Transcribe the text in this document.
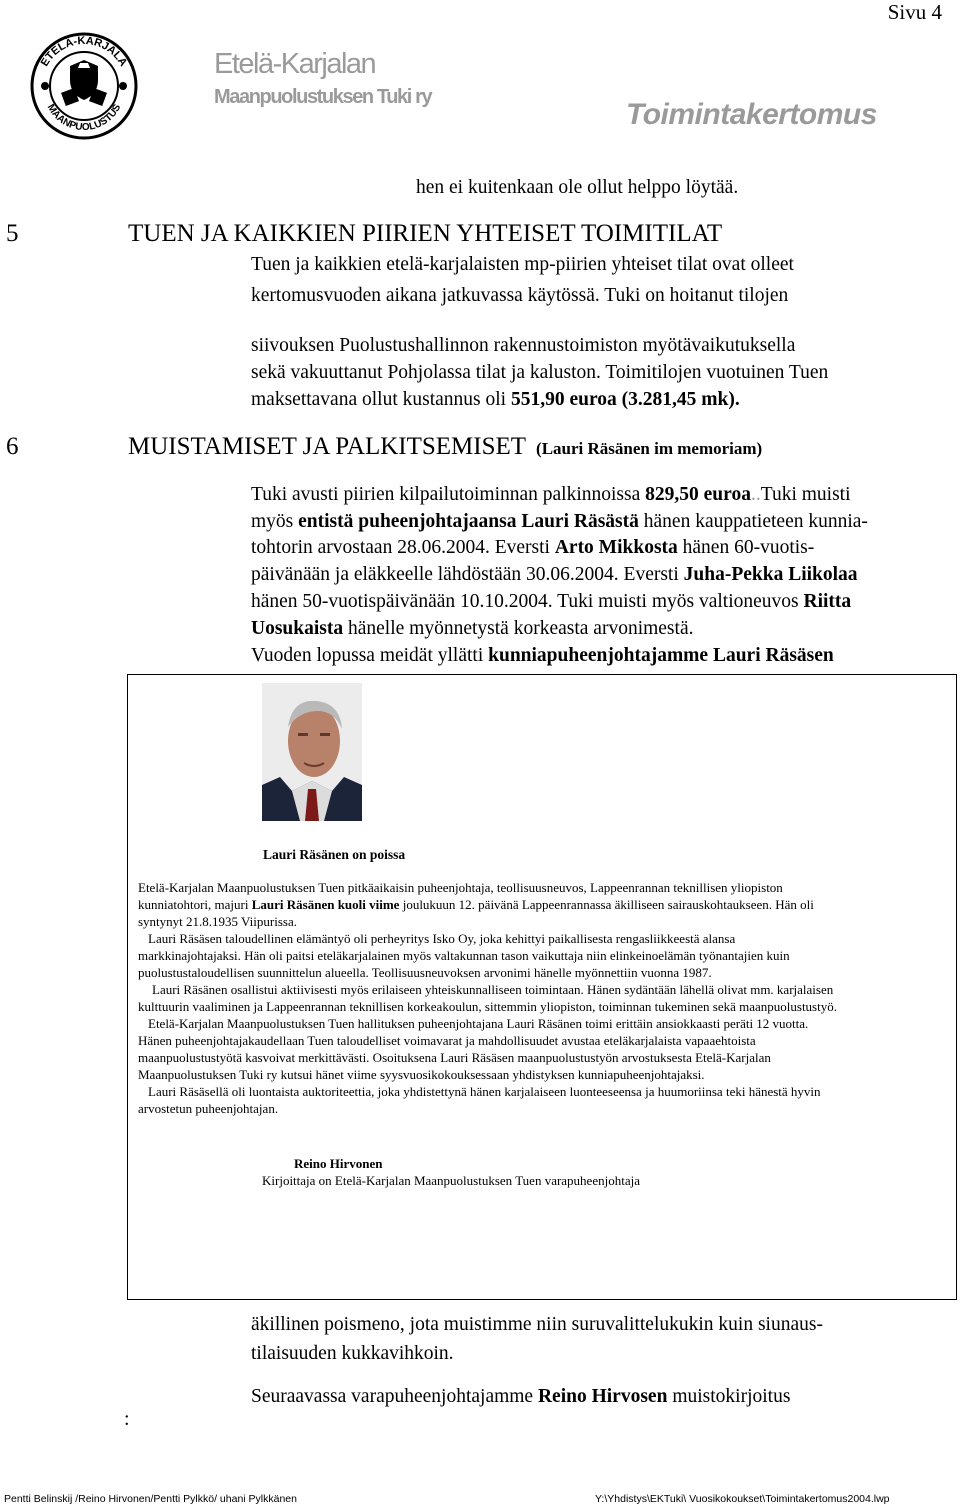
Sivu 4
ETELÄ-KARJALA
MAANPUOLUSTUS
Etelä-Karjalan
Maanpuolustuksen Tuki ry
Toimintakertomus
hen ei kuitenkaan ole ollut helppo löytää.
5	TUEN JA KAIKKIEN PIIRIEN YHTEISET TOIMITILAT
Tuen ja kaikkien etelä-karjalaisten mp-piirien yhteiset tilat ovat olleet
kertomusvuoden aikana jatkuvassa käytössä. Tuki on hoitanut tilojen
siivouksen Puolustushallinnon rakennustoimiston myötävaikutuksella
sekä vakuuttanut Pohjolassa tilat ja kaluston. Toimitilojen vuotuinen Tuen
maksettavana ollut kustannus oli 551,90 euroa (3.281,45 mk).
6	MUISTAMISET JA PALKITSEMISET (Lauri Räsänen im memoriam)
Tuki avusti piirien kilpailutoiminnan palkinnoissa 829,50 euroa..Tuki muisti
myös entistä puheenjohtajaansa Lauri Räsästä hänen kauppatieteen kunnia-
tohtorin arvostaan 28.06.2004. Eversti Arto Mikkosta hänen 60-vuotis-
päivänään ja eläkkeelle lähdöstään 30.06.2004. Eversti Juha-Pekka Liikolaa
hänen 50-vuotispäivänään 10.10.2004. Tuki muisti myös valtioneuvos Riitta
Uosukaista hänelle myönnetystä korkeasta arvonimestä.
Vuoden lopussa meidät yllätti kunniapuheenjohtajamme Lauri Räsäsen
Lauri Räsänen on poissa
Etelä-Karjalan Maanpuolustuksen Tuen pitkäaikaisin puheenjohtaja, teollisuusneuvos, Lappeenrannan teknillisen yliopiston
kunniatohtori, majuri Lauri Räsänen kuoli viime joulukuun 12. päivänä Lappeenrannassa äkilliseen sairauskohtaukseen. Hän oli
syntynyt 21.8.1935 Viipurissa.
Lauri Räsäsen taloudellinen elämäntyö oli perheyritys Isko Oy, joka kehittyi paikallisesta rengasliikkeestä alansa
markkinajohtajaksi. Hän oli paitsi eteläkarjalainen myös valtakunnan tason vaikuttaja niin elinkeinoelämän työnantajien kuin
puolustustaloudellisen suunnittelun alueella. Teollisuusneuvoksen arvonimi hänelle myönnettiin vuonna 1987.
Lauri Räsänen osallistui aktiivisesti myös erilaiseen yhteiskunnalliseen toimintaan. Hänen sydäntään lähellä olivat mm. karjalaisen
kulttuurin vaaliminen ja Lappeenrannan teknillisen korkeakoulun, sittemmin yliopiston, toiminnan tukeminen sekä maanpuolustustyö.
Etelä-Karjalan Maanpuolustuksen Tuen hallituksen puheenjohtajana Lauri Räsänen toimi erittäin ansiokkaasti peräti 12 vuotta.
Hänen puheenjohtajakaudellaan Tuen taloudelliset voimavarat ja mahdollisuudet avustaa eteläkarjalaista vapaaehtoista
maanpuolustustyötä kasvoivat merkittävästi. Osoituksena Lauri Räsäsen maanpuolustustyön arvostuksesta Etelä-Karjalan
Maanpuolustuksen Tuki ry kutsui hänet viime syysvuosikokouksessaan yhdistyksen kunniapuheenjohtajaksi.
Lauri Räsäsellä oli luontaista auktoriteettia, joka yhdistettynä hänen karjalaiseen luonteeseensa ja huumoriinsa teki hänestä hyvin
arvostetun puheenjohtajan.
Reino Hirvonen
Kirjoittaja on Etelä-Karjalan Maanpuolustuksen Tuen varapuheenjohtaja
äkillinen poismeno, jota muistimme niin suruvalittelukukin kuin siunaus-
tilaisuuden kukkavihkoin.
Seuraavassa varapuheenjohtajamme Reino Hirvosen muistokirjoitus
:
Pentti Belinskij /Reino Hirvonen/Pentti Pylkkö/ uhani Pylkkänen	Y:\Yhdistys\EKTuki\ Vuosikokoukset\Toimintakertomus2004.lwp
